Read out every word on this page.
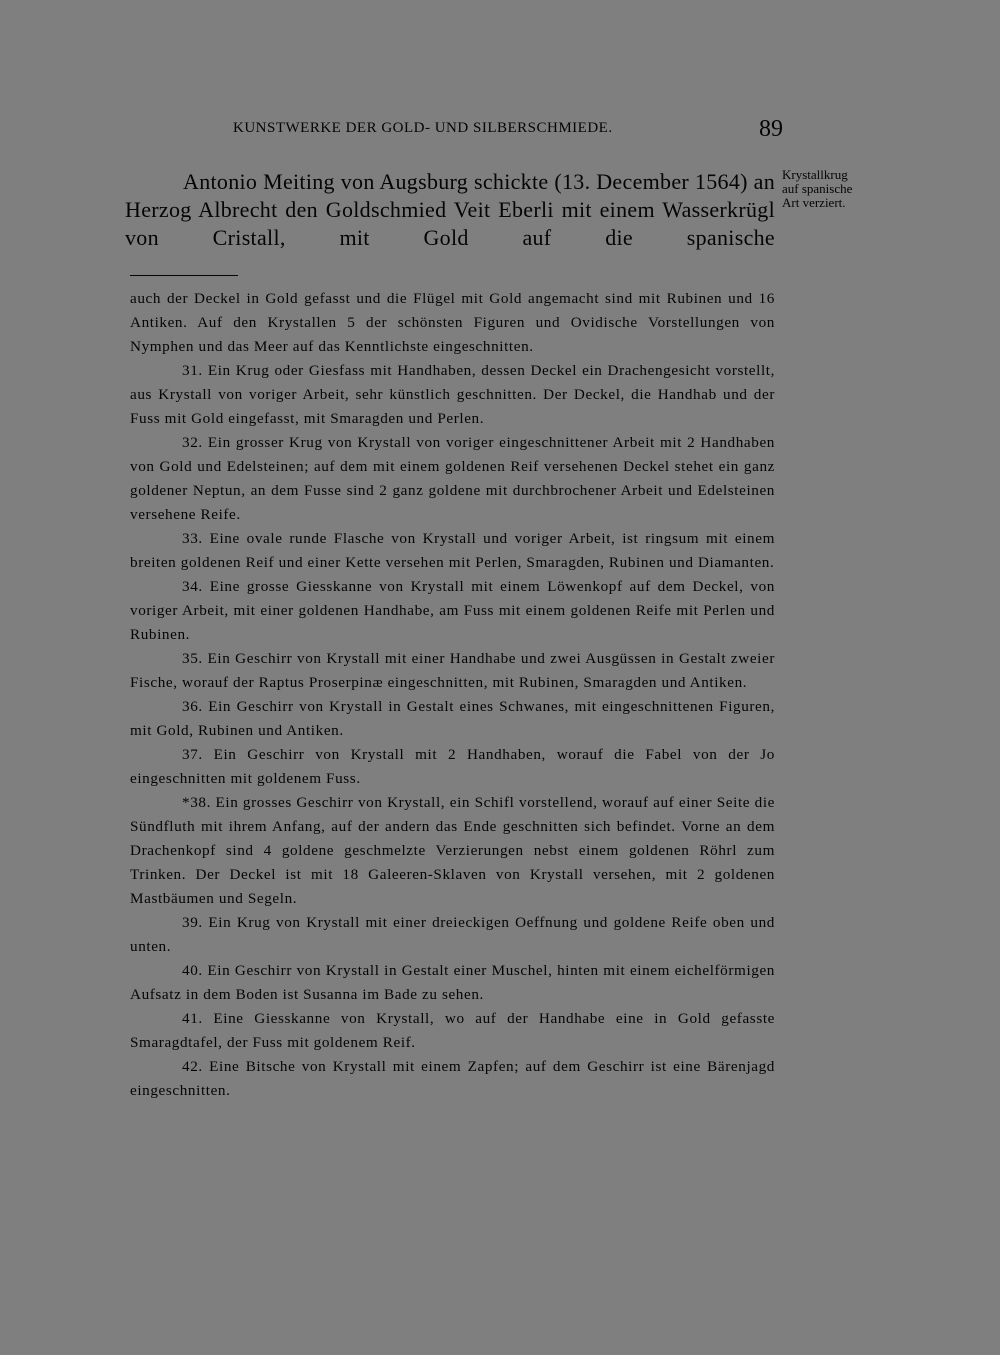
KUNSTWERKE DER GOLD- UND SILBERSCHMIEDE.	89

Antonio Meiting von Augsburg schickte (13. December 1564) an Herzog Albrecht den Goldschmied Veit Eberli mit einem Wasserkrügl von Cristall, mit Gold auf die spanische

Krystallkrug
auf spanische
Art verziert.

auch der Deckel in Gold gefasst und die Flügel mit Gold angemacht sind mit Rubinen und 16 Antiken. Auf den Krystallen 5 der schönsten Figuren und Ovidische Vorstellungen von Nymphen und das Meer auf das Kenntlichste eingeschnitten.

31. Ein Krug oder Giesfass mit Handhaben, dessen Deckel ein Drachengesicht vorstellt, aus Krystall von voriger Arbeit, sehr künstlich geschnitten. Der Deckel, die Handhab und der Fuss mit Gold eingefasst, mit Smaragden und Perlen.

32. Ein grosser Krug von Krystall von voriger eingeschnittener Arbeit mit 2 Handhaben von Gold und Edelsteinen; auf dem mit einem goldenen Reif versehenen Deckel stehet ein ganz goldener Neptun, an dem Fusse sind 2 ganz goldene mit durchbrochener Arbeit und Edelsteinen versehene Reife.

33. Eine ovale runde Flasche von Krystall und voriger Arbeit, ist ringsum mit einem breiten goldenen Reif und einer Kette versehen mit Perlen, Smaragden, Rubinen und Diamanten.

34. Eine grosse Giesskanne von Krystall mit einem Löwenkopf auf dem Deckel, von voriger Arbeit, mit einer goldenen Handhabe, am Fuss mit einem goldenen Reife mit Perlen und Rubinen.

35. Ein Geschirr von Krystall mit einer Handhabe und zwei Ausgüssen in Gestalt zweier Fische, worauf der Raptus Proserpinæ eingeschnitten, mit Rubinen, Smaragden und Antiken.

36. Ein Geschirr von Krystall in Gestalt eines Schwanes, mit eingeschnittenen Figuren, mit Gold, Rubinen und Antiken.

37. Ein Geschirr von Krystall mit 2 Handhaben, worauf die Fabel von der Jo eingeschnitten mit goldenem Fuss.

*38. Ein grosses Geschirr von Krystall, ein Schifl vorstellend, worauf auf einer Seite die Sündfluth mit ihrem Anfang, auf der andern das Ende geschnitten sich befindet. Vorne an dem Drachenkopf sind 4 goldene geschmelzte Verzierungen nebst einem goldenen Röhrl zum Trinken. Der Deckel ist mit 18 Galeeren-Sklaven von Krystall versehen, mit 2 goldenen Mastbäumen und Segeln.

39. Ein Krug von Krystall mit einer dreieckigen Oeffnung und goldene Reife oben und unten.

40. Ein Geschirr von Krystall in Gestalt einer Muschel, hinten mit einem eichelförmigen Aufsatz in dem Boden ist Susanna im Bade zu sehen.

41. Eine Giesskanne von Krystall, wo auf der Handhabe eine in Gold gefasste Smaragdtafel, der Fuss mit goldenem Reif.

42. Eine Bitsche von Krystall mit einem Zapfen; auf dem Geschirr ist eine Bärenjagd eingeschnitten.
